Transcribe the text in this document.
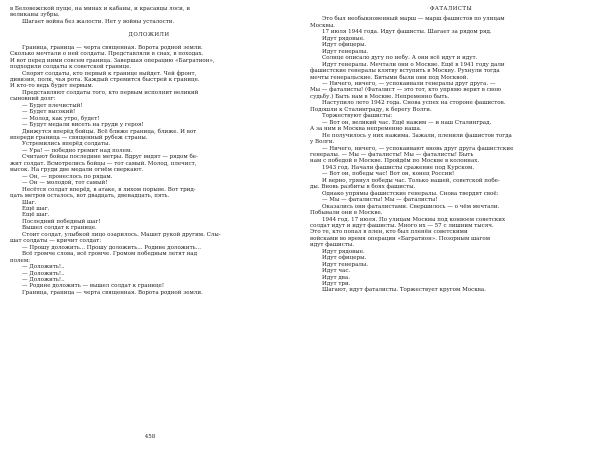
в Беловежской пуще, на минах и кабаны, и красавцы лоси, и
великаны зубры.
Шагает война без жалости. Нет у войны усталости.
ДОЛОЖИЛИ
Граница, граница — черта священная. Ворота родной земли.
Сколько мечтали о ней солдаты. Представляли в снах, в походах.
И вот перед ними совсем граница. Завершая операцию «Багратион»,
подходили солдаты к советской границе.
Спорят солдаты, кто первый к границе выйдет. Чей фронт,
дивизия, полк, чья рота. Каждый стремится быстрей к границе.
И кто-то ведь будет первым.
Представляют солдаты того, кто первым исполнит великий
сыновний долг:
— Будет плечистый!
— Будет высокий!
— Молод, как утро, будет!
— Будут медали висеть на груди у героя!
Движутся вперёд бойцы. Всё ближе граница, ближе. И вот
впереди граница — священный рубеж страны.
Устремились вперёд солдаты.
— Ура! — победно гремит над полем.
Считают бойцы последние метры. Вдруг видят — рядом бе-
жит солдат. Всмотрелись бойцы — тот самый. Молод, плечист,
высок. На груди две медали огнём сверкают.
— Он, — пронеслось по рядам.
— Он — молодой, тот самый!
Несётся солдат вперёд, в атаке, в лихом порыве. Вот трид-
цать метров осталось, вот двадцать, двенадцать, пять.
Шаг.
Ещё шаг.
Ещё шаг.
Последний победный шаг!
Вышел солдат к границе.
Стоит солдат, улыбкой лицо озарилось. Машет рукой другим. Слы-
шат солдаты — кричит солдат:
— Прошу доложить... Прошу доложить... Родине доложить...
Всё громче слова, всё громче. Громом победным летят над
полем:
— Доложить!..
— Доложить!..
— Доложить!..
— Родине доложить — вышел солдат к границе!
Граница, граница — черта священная. Ворота родной земли.
458
ФАТАЛИСТЫ
Это был необыкновенный марш — марш фашистов по улицам
Москвы.
17 июля 1944 года. Идут фашисты. Шагает за рядом ряд.
Идут рядовые.
Идут офицеры.
Идут генералы.
Солнце описало дугу по небу. А они всё идут и идут.
Идут генералы. Мечтали они о Москве. Ещё в 1941 году дали
фашистские генералы клятву вступить в Москву. Рухнули тогда
мечты генеральские. Битыми были они под Москвой.
— Ничего, ничего, — успокаивали генералы друг друга. —
Мы — фаталисты! (Фаталист — это тот, кто упрямо верит в свою
судьбу.) Быть нам в Москве. Непременно быть.
Наступило лето 1942 года. Снова успех на стороне фашистов.
Подошли к Сталинграду, к берегу Волги.
Торжествуют фашисты:
— Вот он, великий час. Ещё нажим — и наш Сталинград.
А за ним и Москва непременно наша.
Не получилось у них нажима. Зажали, пленили фашистов тогда
у Волги.
— Ничего, ничего, — успокаивают вновь друг друга фашистские
генералы. — Мы — фаталисты! Мы — фаталисты! Быть
нам с победой в Москве. Пройдём по Москве в колоннах.
1943 год. Начали фашисты сражение под Курском.
— Вот он, победы час! Вот он, конец России!
И верно, грянул победы час. Только нашей, советской побе-
ды. Вновь разбиты в боях фашисты.
Однако упрямы фашистские генералы. Снова твердят своё:
— Мы — фаталисты! Мы — фаталисты!
Оказались они фаталистами. Свершилось — о чём мечтали.
Побывали они в Москве.
1944 год. 17 июля. По улицам Москвы под конвоем советских
солдат идут и идут фашисты. Много их — 57 с лишним тысяч.
Это те, кто попал в плен, кто был пленён советскими
войсками во время операции «Багратион». Позорным шагом
идут фашисты.
Идут рядовые.
Идут офицеры.
Идут генералы.
Идут час.
Идут два.
Идут три.
Шагают, идут фаталисты. Торжествует кругом Москва.
